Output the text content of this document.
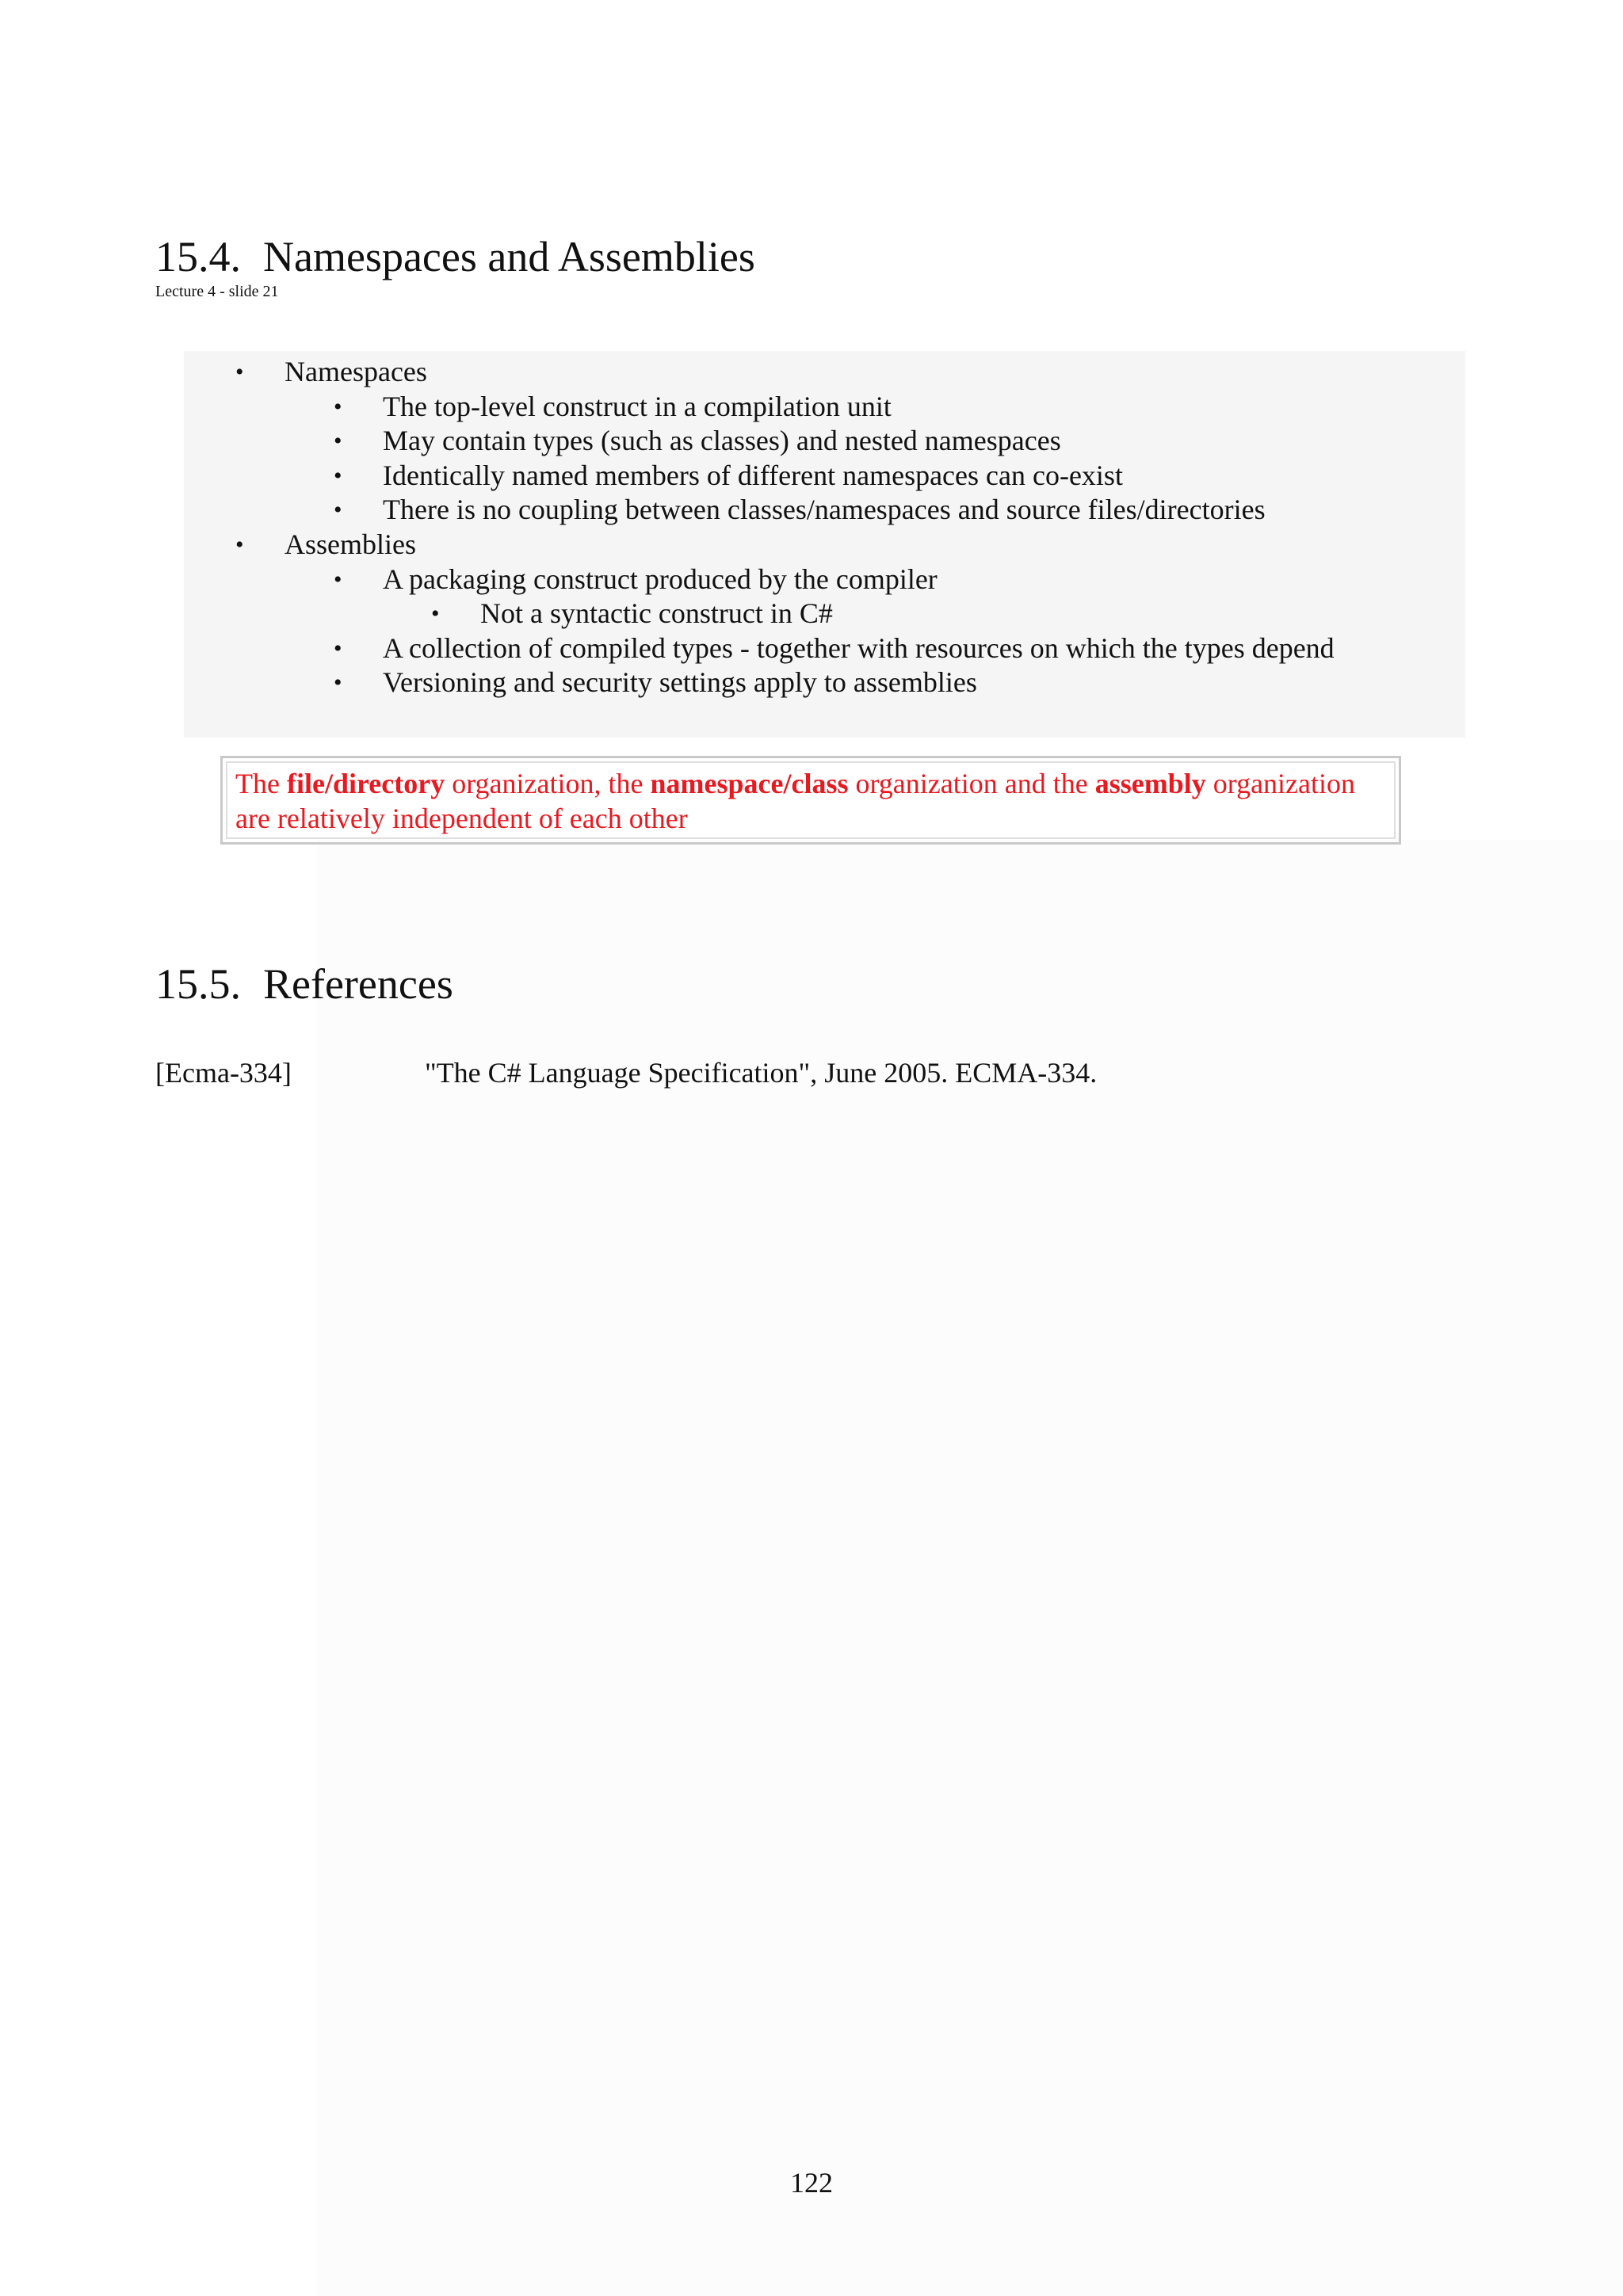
15.4. Namespaces and Assemblies
Lecture 4 - slide 21
• Namespaces
• The top-level construct in a compilation unit
• May contain types (such as classes) and nested namespaces
• Identically named members of different namespaces can co-exist
• There is no coupling between classes/namespaces and source files/directories
• Assemblies
• A packaging construct produced by the compiler
• Not a syntactic construct in C#
• A collection of compiled types - together with resources on which the types depend
• Versioning and security settings apply to assemblies
The file/directory organization, the namespace/class organization and the assembly organization are relatively independent of each other
15.5. References
[Ecma-334]	"The C# Language Specification", June 2005. ECMA-334.
122
